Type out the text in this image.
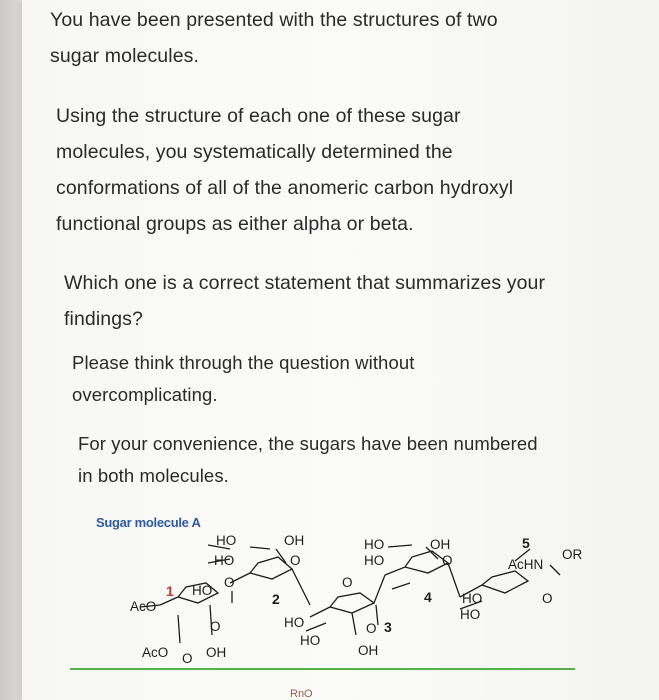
You have been presented with the structures of two
sugar molecules.
Using the structure of each one of these sugar
molecules, you systematically determined the
conformations of all of the anomeric carbon hydroxyl
functional groups as either alpha or beta.
Which one is a correct statement that summarizes your
findings?
Please think through the question without
overcomplicating.
For your convenience, the sugars have been numbered
in both molecules.
Sugar molecule A
HO
HO
OH
O
HO
HO
OH
O
5
OR
AcHN
1 HO
O
2	4 HO	O
AcO
O	HO	O 3
HO
HO
O
AcO O OH	OH
RnO
